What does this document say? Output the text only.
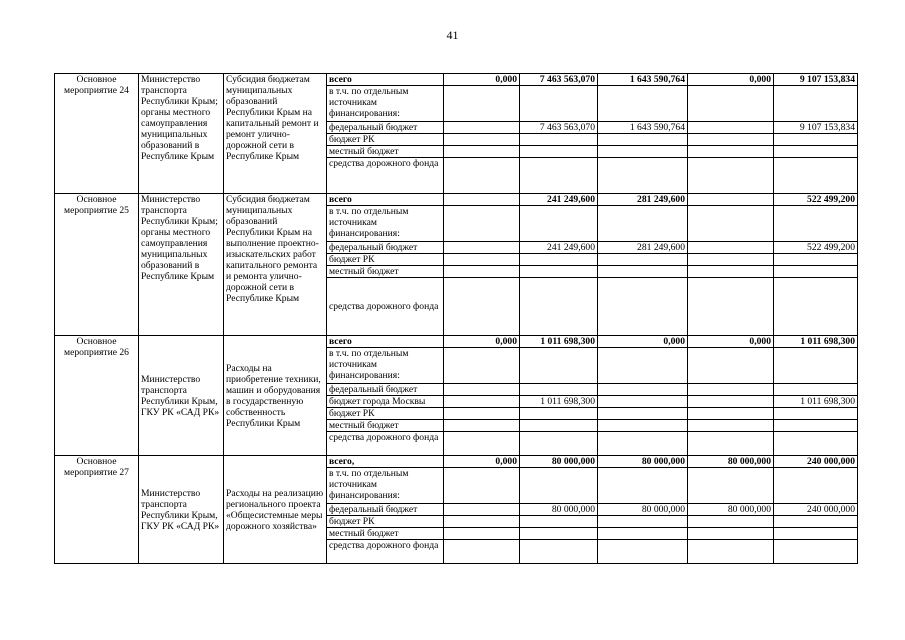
41
Основное мероприятие 24	Министерство транспорта Республики Крым; органы местного самоуправления муниципальных образований в Республике Крым	Субсидия бюджетам муниципальных образований Республики Крым на капитальный ремонт и ремонт улично-дорожной сети в Республике Крым	всего	0,000	7 463 563,070	1 643 590,764	0,000	9 107 153,834
			в т.ч. по отдельным источникам финансирования:					
			федеральный бюджет		7 463 563,070	1 643 590,764		9 107 153,834
			бюджет РК					
			местный бюджет					
			средства дорожного фонда					
Основное мероприятие 25	Министерство транспорта Республики Крым; органы местного самоуправления муниципальных образований в Республике Крым	Субсидия бюджетам муниципальных образований Республики Крым на выполнение проектно-изыскательских работ капитального ремонта и ремонта улично-дорожной сети в Республике Крым	всего		241 249,600	281 249,600		522 499,200
			в т.ч. по отдельным источникам финансирования:					
			федеральный бюджет		241 249,600	281 249,600		522 499,200
			бюджет РК					
			местный бюджет					
			средства дорожного фонда					
Основное мероприятие 26	Министерство транспорта Республики Крым, ГКУ РК «САД РК»	Расходы на приобретение техники, машин и оборудования в государственную собственность Республики Крым	всего	0,000	1 011 698,300	0,000	0,000	1 011 698,300
			в т.ч. по отдельным источникам финансирования:					
			федеральный бюджет					
			бюджет города Москвы		1 011 698,300			1 011 698,300
			бюджет РК					
			местный бюджет					
			средства дорожного фонда					
Основное мероприятие 27	Министерство транспорта Республики Крым, ГКУ РК «САД РК»	Расходы на реализацию регионального проекта «Общесистемные меры дорожного хозяйства»	всего,	0,000	80 000,000	80 000,000	80 000,000	240 000,000
			в т.ч. по отдельным источникам финансирования:					
			федеральный бюджет		80 000,000	80 000,000	80 000,000	240 000,000
			бюджет РК					
			местный бюджет					
			средства дорожного фонда					
